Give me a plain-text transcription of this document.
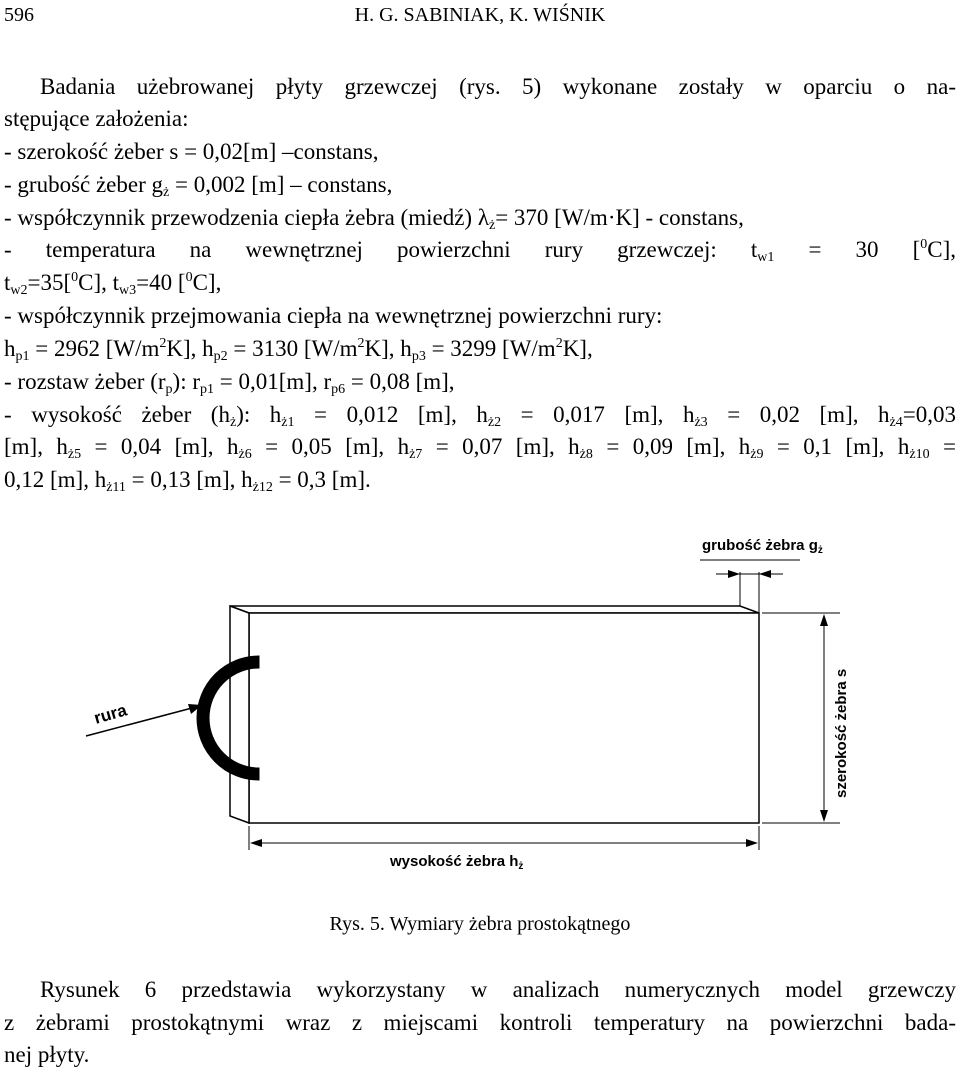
596	H. G. SABINIAK, K. WIŚNIK
Badania użebrowanej płyty grzewczej (rys. 5) wykonane zostały w oparciu o na-
stępujące założenia:
- szerokość żeber s = 0,02[m] –constans,
- grubość żeber $g_ż = 0,002$ [m] – constans,
- współczynnik przewodzenia ciepła żebra (miedź) $\lambda_ż= 370$ [W/m·K] - constans,
- temperatura na wewnętrznej powierzchni rury grzewczej: $t_{w1} = 30$ [$^0$C],
$t_{w2}=35[^0C]$, $t_{w3}=40$ [$^0$C],
- współczynnik przejmowania ciepła na wewnętrznej powierzchni rury:
$h_{p1} = 2962$ $[W/m^2K]$, $h_{p2} = 3130$ $[W/m^2K]$, $h_{p3} = 3299$ $[W/m^2K]$,
- rozstaw żeber $(r_p)$: $r_{p1} = 0,01[m]$, $r_{p6} = 0,08$ [m],
- wysokość żeber $(h_ż)$: $h_{ż1} = 0,012$ [m], $h_{ż2} = 0,017$ [m], $h_{ż3} = 0,02$ [m], $h_{ż4}=0,03$
[m], $h_{ż5} = 0,04$ [m], $h_{ż6} = 0,05$ [m], $h_{ż7} = 0,07$ [m], $h_{ż8} = 0,09$ [m], $h_{ż9} = 0,1$ [m], $h_{ż10}$ =
0,12 [m], $h_{ż11} = 0,13$ [m], $h_{ż12} = 0,3$ [m].
rura
grubość żebra $g_ż$
szerokość żebra s
wysokość żebra $h_ż$
Rys. 5. Wymiary żebra prostokątnego
Rysunek 6 przedstawia wykorzystany w analizach numerycznych model grzewczy
z żebrami prostokątnymi wraz z miejscami kontroli temperatury na powierzchni bada-
nej płyty.
